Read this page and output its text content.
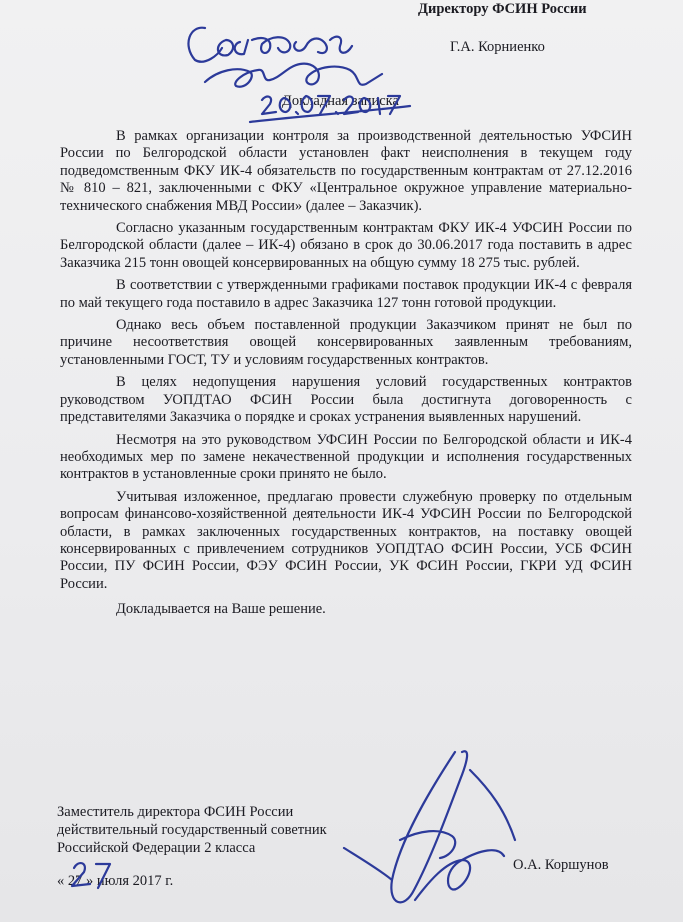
Директору ФСИН России
Г.А. Корниенко
Докладная записка

В рамках организации контроля за производственной деятельностью УФСИН России по Белгородской области установлен факт неисполнения в текущем году подведомственным ФКУ ИК-4 обязательств по государственным контрактам от 27.12.2016 № 810 – 821, заключенными с ФКУ «Центральное окружное управление материально-технического снабжения МВД России» (далее – Заказчик).

Согласно указанным государственным контрактам ФКУ ИК-4 УФСИН России по Белгородской области (далее – ИК-4) обязано в срок до 30.06.2017 года поставить в адрес Заказчика 215 тонн овощей консервированных на общую сумму 18 275 тыс. рублей.

В соответствии с утвержденными графиками поставок продукции ИК-4 с февраля по май текущего года поставило в адрес Заказчика 127 тонн готовой продукции.

Однако весь объем поставленной продукции Заказчиком принят не был по причине несоответствия овощей консервированных заявленным требованиям, установленными ГОСТ, ТУ и условиям государственных контрактов.

В целях недопущения нарушения условий государственных контрактов руководством УОПДТАО ФСИН России была достигнута договоренность с представителями Заказчика о порядке и сроках устранения выявленных нарушений.

Несмотря на это руководством УФСИН России по Белгородской области и ИК-4 необходимых мер по замене некачественной продукции и исполнения государственных контрактов в установленные сроки принято не было.

Учитывая изложенное, предлагаю провести служебную проверку по отдельным вопросам финансово-хозяйственной деятельности ИК-4 УФСИН России по Белгородской области, в рамках заключенных государственных контрактов, на поставку овощей консервированных с привлечением сотрудников УОПДТАО ФСИН России, УСБ ФСИН России, ПУ ФСИН России, ФЭУ ФСИН России, УК ФСИН России, ГКРИ УД ФСИН России.

Докладывается на Ваше решение.

Заместитель директора ФСИН России
действительный государственный советник
Российской Федерации 2 класса
« 27 » июля 2017 г.
О.А. Коршунов
